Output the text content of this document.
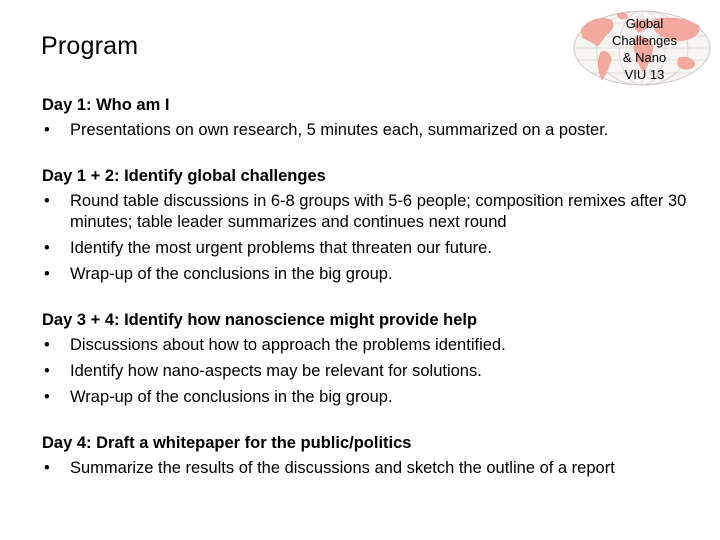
Program
Global
Challenges
& Nano
VIU 13
Day 1: Who am I
• Presentations on own research, 5 minutes each, summarized on a poster.
Day 1 + 2: Identify global challenges
• Round table discussions in 6-8 groups with 5-6 people; composition remixes after 30 minutes; table leader summarizes and continues next round
• Identify the most urgent problems that threaten our future.
• Wrap-up of the conclusions in the big group.
Day 3 + 4: Identify how nanoscience might provide help
• Discussions about how to approach the problems identified.
• Identify how nano-aspects may be relevant for solutions.
• Wrap-up of the conclusions in the big group.
Day 4: Draft a whitepaper for the public/politics
• Summarize the results of the discussions and sketch the outline of a report
